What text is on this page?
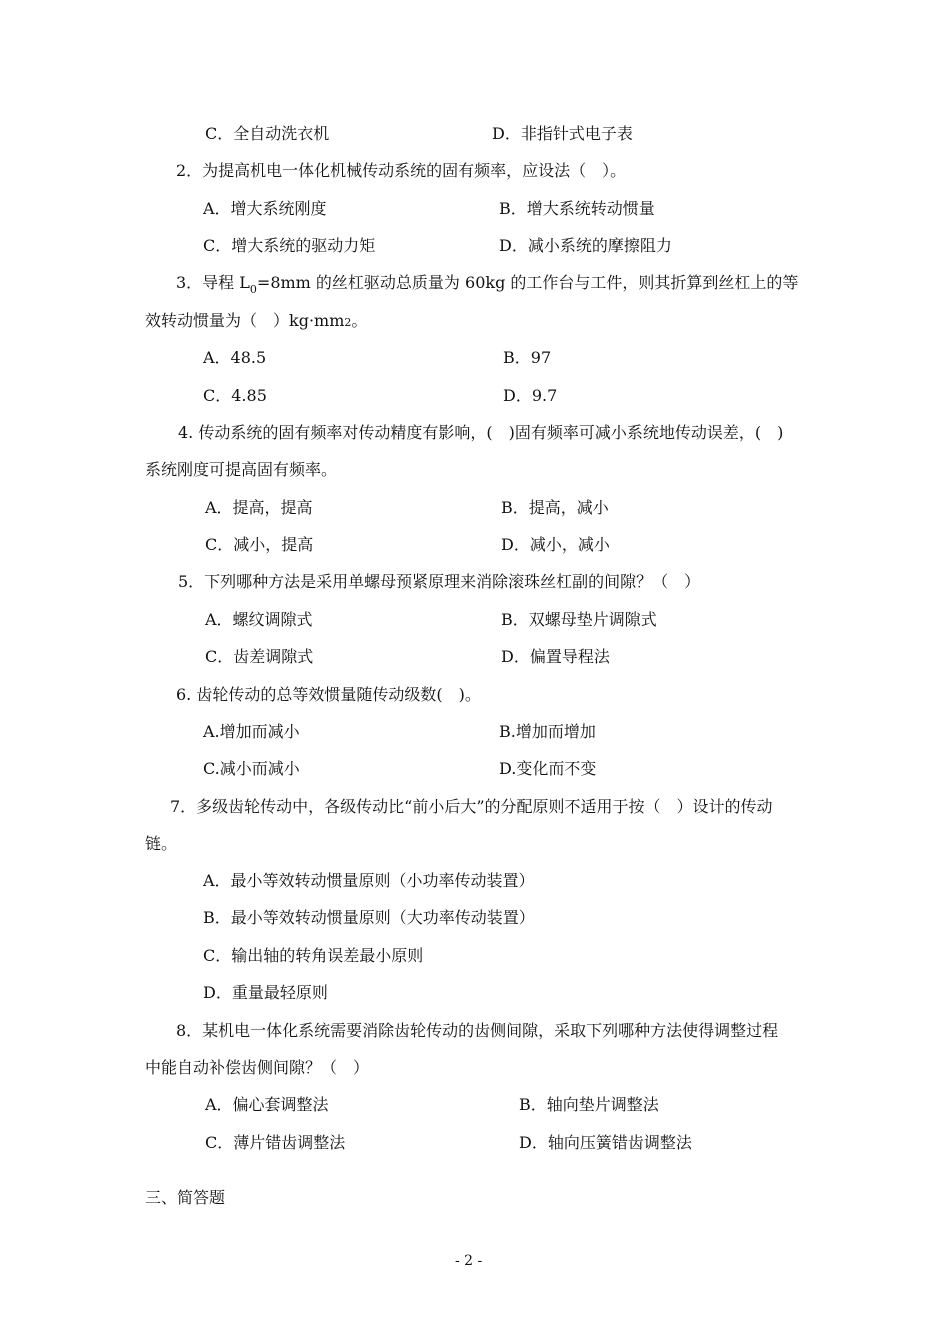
C．全自动洗衣机	D．非指针式电子表
2．为提高机电一体化机械传动系统的固有频率，应设法（　）。
A．增大系统刚度	B．增大系统转动惯量
C．增大系统的驱动力矩	D．减小系统的摩擦阻力
3．导程 $L_0=8mm$ 的丝杠驱动总质量为 60kg 的工作台与工件，则其折算到丝杠上的等
效转动惯量为（　）kg·mm2。
A．48.5	B．97
C．4.85	D．9.7
4. 传动系统的固有频率对传动精度有影响，(　)固有频率可减小系统地传动误差，(　)
系统刚度可提高固有频率。
A．提高，提高	B．提高，减小
C．减小，提高	D．减小，减小
5．下列哪种方法是采用单螺母预紧原理来消除滚珠丝杠副的间隙？（　）
A．螺纹调隙式	B．双螺母垫片调隙式
C．齿差调隙式	D．偏置导程法
6. 齿轮传动的总等效惯量随传动级数(　)。
A.增加而减小	B.增加而增加
C.减小而减小	D.变化而不变
7．多级齿轮传动中，各级传动比“前小后大”的分配原则不适用于按（　）设计的传动
链。
A．最小等效转动惯量原则（小功率传动装置）
B．最小等效转动惯量原则（大功率传动装置）
C．输出轴的转角误差最小原则
D．重量最轻原则
8．某机电一体化系统需要消除齿轮传动的齿侧间隙，采取下列哪种方法使得调整过程
中能自动补偿齿侧间隙？（　）
A．偏心套调整法	B．轴向垫片调整法
C．薄片错齿调整法	D．轴向压簧错齿调整法
三、简答题
- 2 -
